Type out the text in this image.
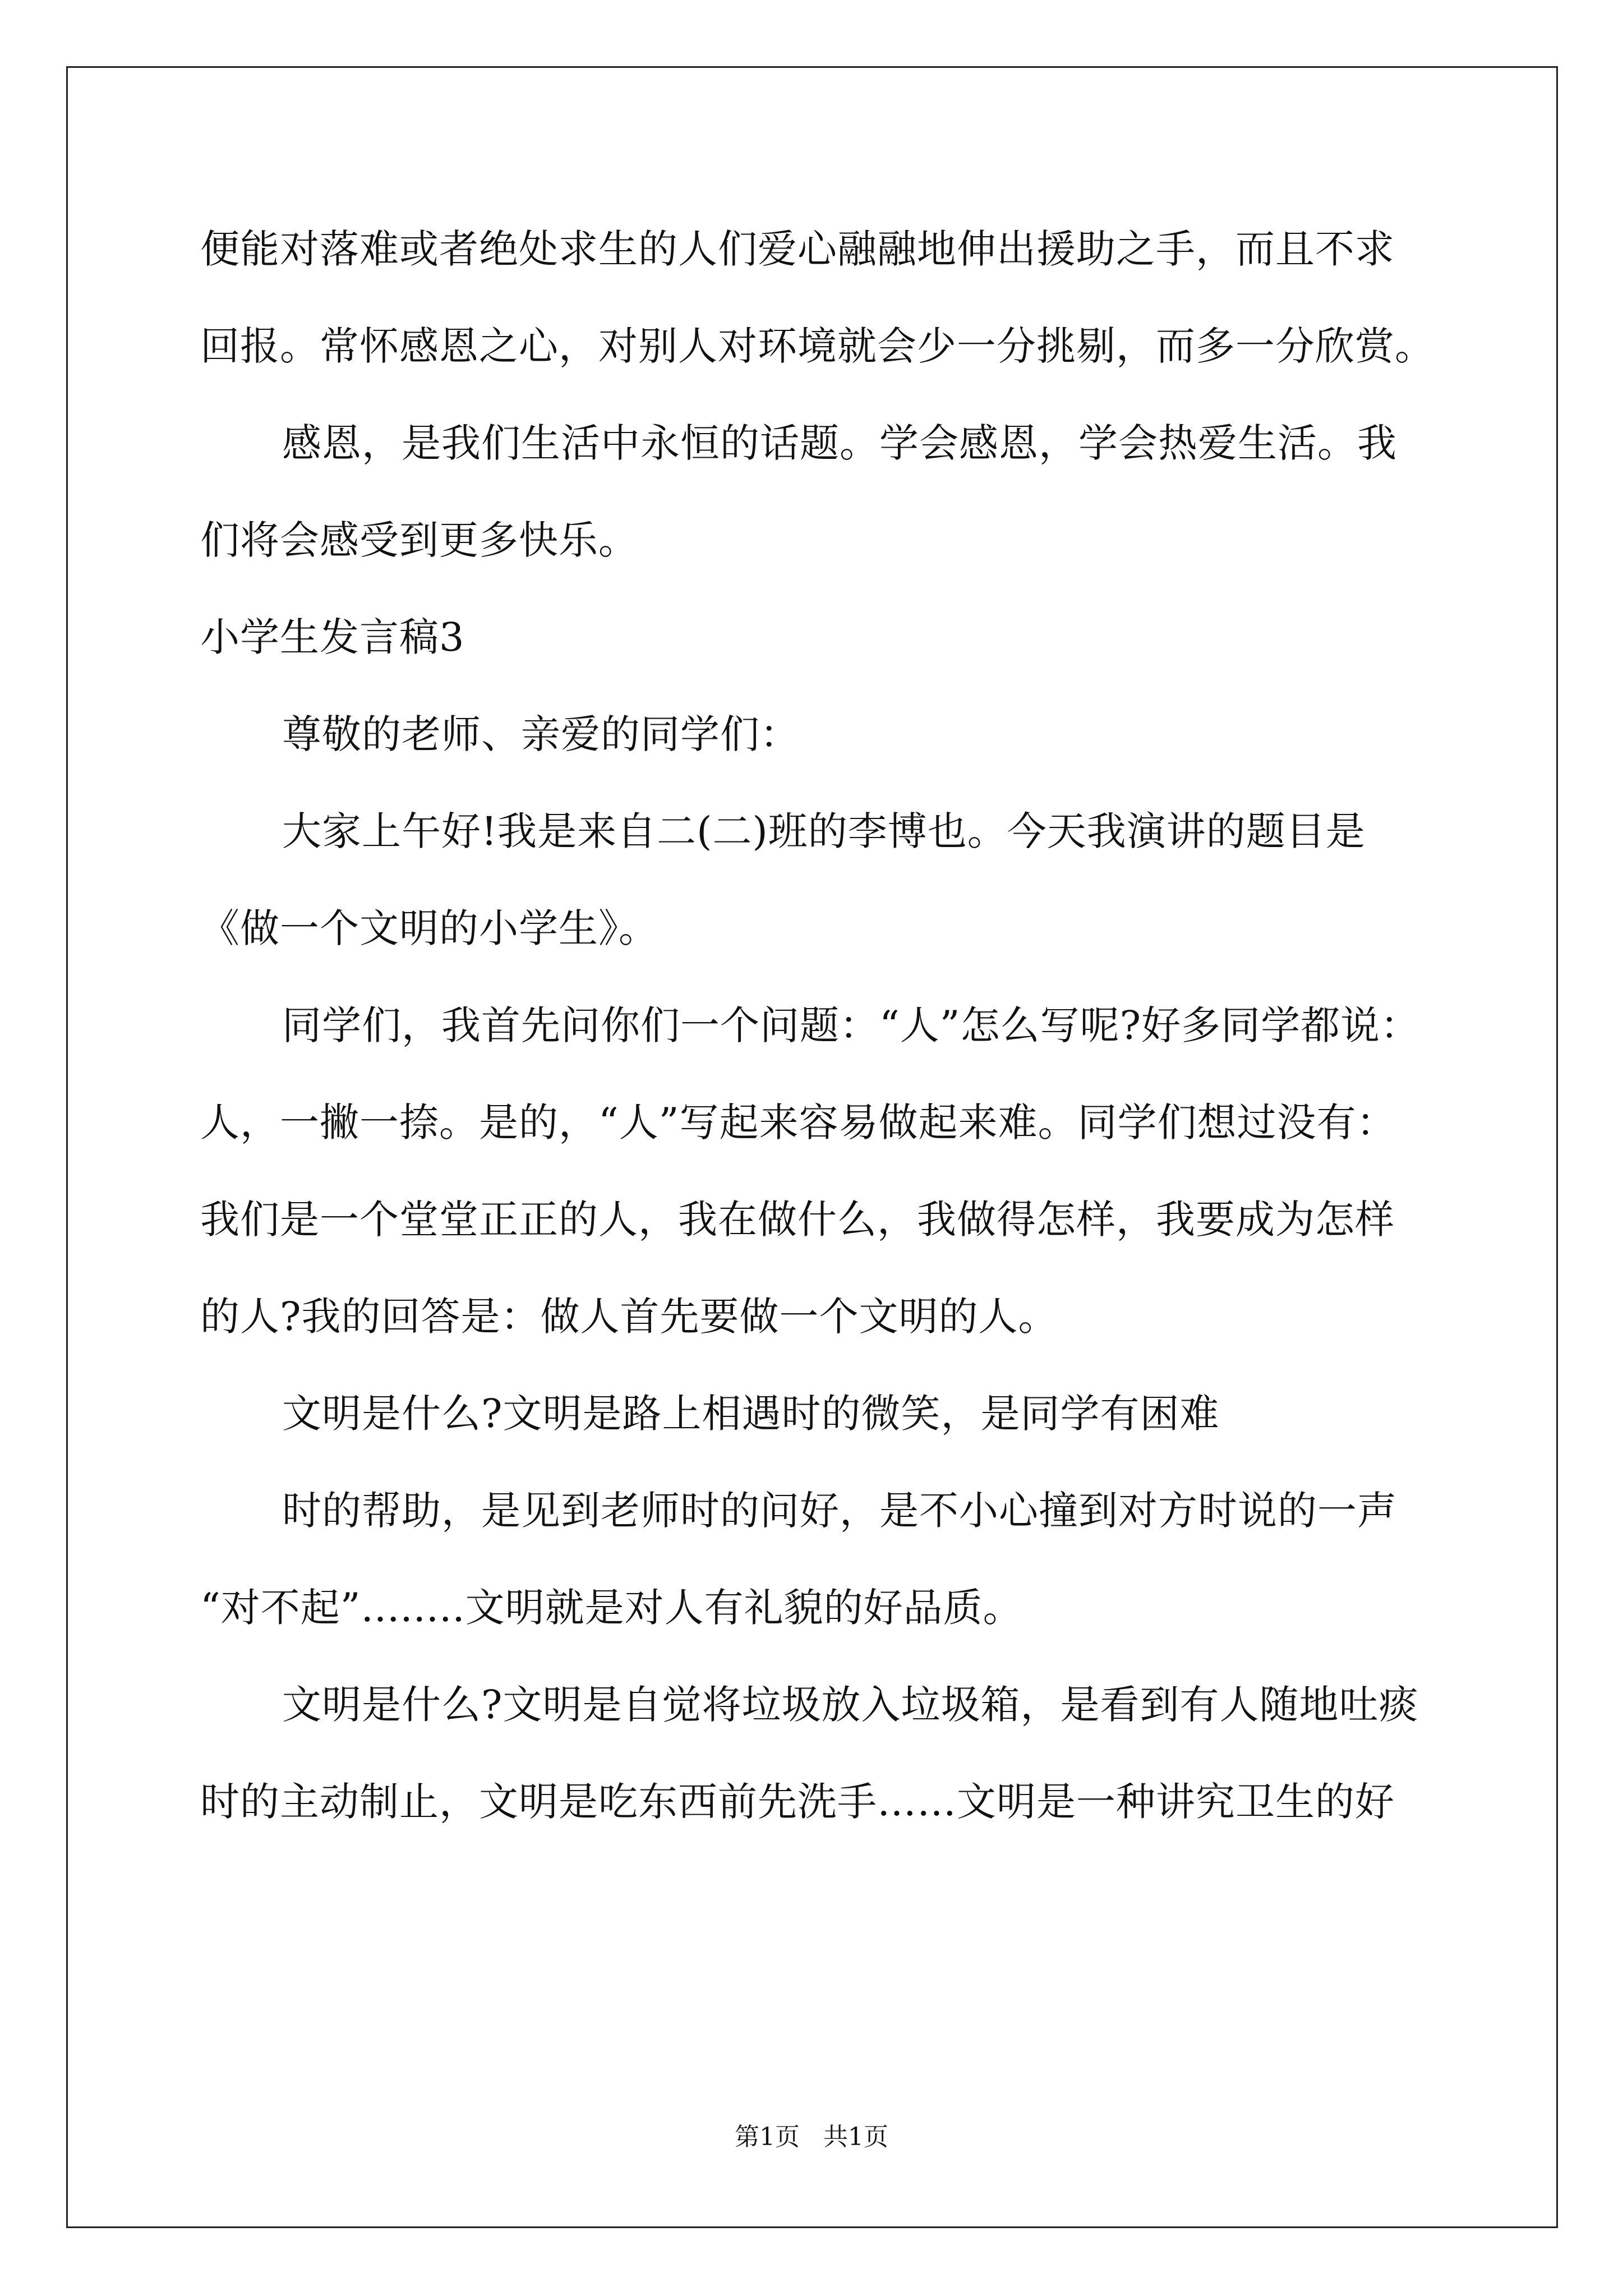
便能对落难或者绝处求生的人们爱心融融地伸出援助之手，而且不求
回报。常怀感恩之心，对别人对环境就会少一分挑剔，而多一分欣赏。
感恩，是我们生活中永恒的话题。学会感恩，学会热爱生活。我
们将会感受到更多快乐。
小学生发言稿3
尊敬的老师、亲爱的同学们：
大家上午好!我是来自二(二)班的李博也。今天我演讲的题目是
《做一个文明的小学生》。
同学们，我首先问你们一个问题：“人”怎么写呢?好多同学都说：
人，一撇一捺。是的，“人”写起来容易做起来难。同学们想过没有：
我们是一个堂堂正正的人，我在做什么，我做得怎样，我要成为怎样
的人?我的回答是：做人首先要做一个文明的人。
文明是什么?文明是路上相遇时的微笑，是同学有困难
时的帮助，是见到老师时的问好，是不小心撞到对方时说的一声
“对不起”........文明就是对人有礼貌的好品质。
文明是什么?文明是自觉将垃圾放入垃圾箱，是看到有人随地吐痰
时的主动制止，文明是吃东西前先洗手……文明是一种讲究卫生的好
第1页   共1页
